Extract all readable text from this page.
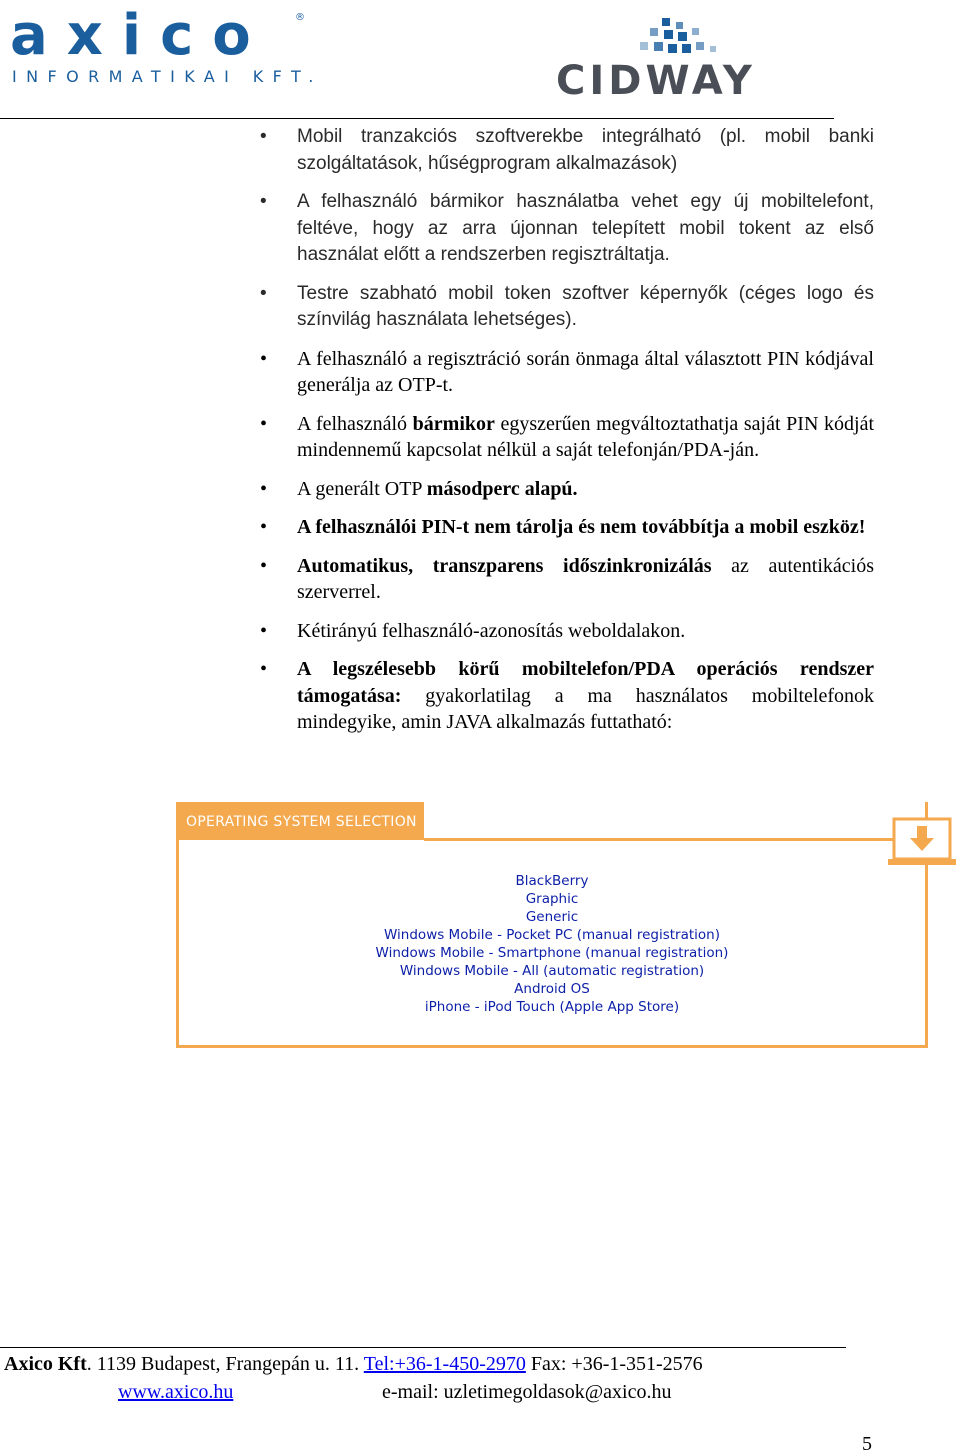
axico	®
INFORMATIKAI KFT.	CIDWAY
• Mobil tranzakciós szoftverekbe integrálható (pl. mobil banki szolgáltatások, hűségprogram alkalmazások)
• A felhasználó bármikor használatba vehet egy új mobiltelefont, feltéve, hogy az arra újonnan telepített mobil tokent az első használat előtt a rendszerben regisztráltatja.
• Testre szabható mobil token szoftver képernyők (céges logo és színvilág használata lehetséges).
• A felhasználó a regisztráció során önmaga által választott PIN kódjával generálja az OTP-t.
• A felhasználó bármikor egyszerűen megváltoztathatja saját PIN kódját mindennemű kapcsolat nélkül a saját telefonján/PDA-ján.
• A generált OTP másodperc alapú.
• A felhasználói PIN-t nem tárolja és nem továbbítja a mobil eszköz!
• Automatikus, transzparens időszinkronizálás az autentikációs szerverrel.
• Kétirányú felhasználó-azonosítás weboldalakon.
• A legszélesebb körű mobiltelefon/PDA operációs rendszer támogatása: gyakorlatilag a ma használatos mobiltelefonok mindegyike, amin JAVA alkalmazás futtatható:
OPERATING SYSTEM SELECTION
BlackBerry
Graphic
Generic
Windows Mobile - Pocket PC (manual registration)
Windows Mobile - Smartphone (manual registration)
Windows Mobile - All (automatic registration)
Android OS
iPhone - iPod Touch (Apple App Store)
Axico Kft. 1139 Budapest, Frangepán u. 11. Tel:+36-1-450-2970 Fax: +36-1-351-2576
www.axico.hu	e-mail: uzletimegoldasok@axico.hu
5
